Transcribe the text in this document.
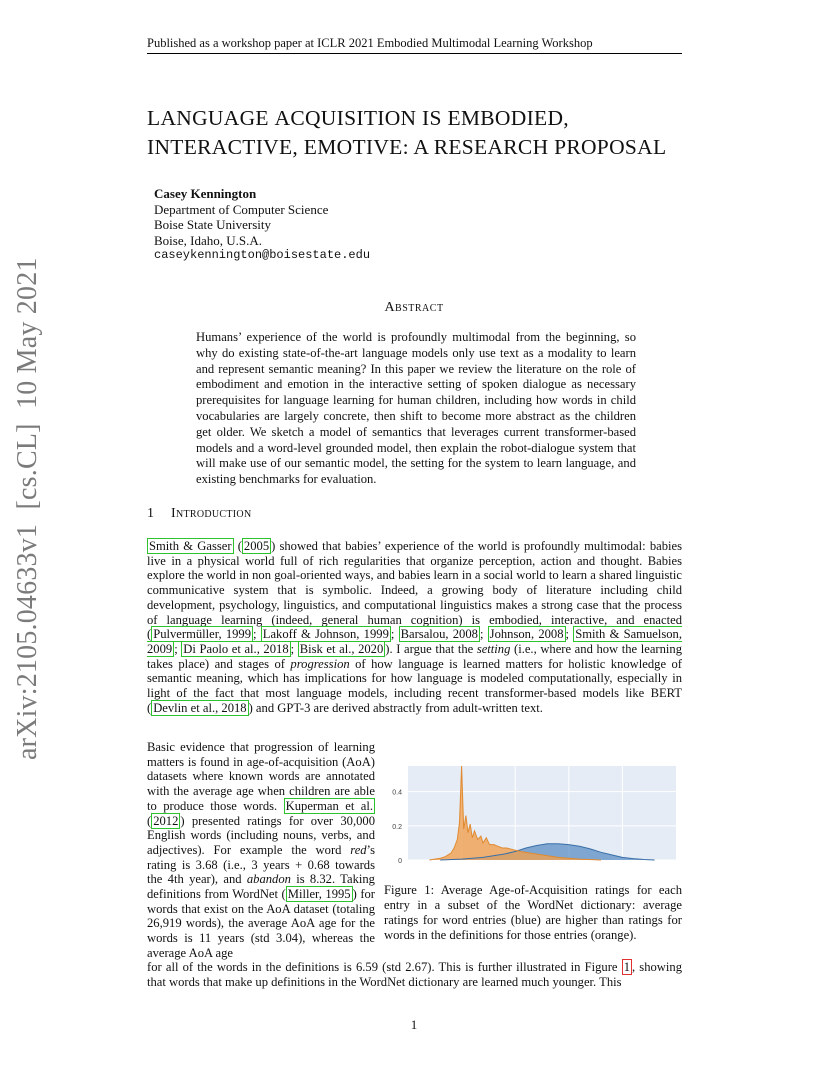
Published as a workshop paper at ICLR 2021 Embodied Multimodal Learning Workshop
LANGUAGE ACQUISITION IS EMBODIED,
INTERACTIVE, EMOTIVE: A RESEARCH PROPOSAL
Casey Kennington
Department of Computer Science
Boise State University
Boise, Idaho, U.S.A.
caseykennington@boisestate.edu
arXiv:2105.04633v1  [cs.CL]  10 May 2021	Abstract
Humans’ experience of the world is profoundly multimodal from the beginning, so why do existing state-of-the-art language models only use text as a modality to learn and represent semantic meaning? In this paper we review the literature on the role of embodiment and emotion in the interactive setting of spoken dialogue as necessary prerequisites for language learning for human children, including how words in child vocabularies are largely concrete, then shift to become more abstract as the children get older. We sketch a model of semantics that leverages current transformer-based models and a word-level grounded model, then explain the robot-dialogue system that will make use of our semantic model, the setting for the system to learn language, and existing benchmarks for evaluation.
1 Introduction
Smith & Gasser ( 2005 ) showed that babies’ experience of the world is profoundly multimodal: babies live in a physical world full of rich regularities that organize perception, action and thought. Babies explore the world in non goal-oriented ways, and babies learn in a social world to learn a shared linguistic communicative system that is symbolic. Indeed, a growing body of literature including child development, psychology, linguistics, and computational linguistics makes a strong case that the process of language learning (indeed, general human cognition) is embodied, interactive, and enacted ( Pulvermüller, 1999 ; Lakoff & Johnson, 1999 ; Barsalou, 2008 ; Johnson, 2008 ; Smith & Samuelson, 2009 ; Di Paolo et al., 2018 ; Bisk et al., 2020 ). I argue that the setting (i.e., where and how the learning takes place) and stages of progression of how language is learned matters for holistic knowledge of semantic meaning, which has implications for how language is modeled computationally, especially in light of the fact that most language models, including recent transformer-based models like BERT ( Devlin et al., 2018 ) and GPT-3 are derived abstractly from adult-written text.
Basic evidence that progression of learning matters is found in age-of-acquisition (AoA) datasets where known words are annotated with the average age when children are able to produce those words. Kuperman et al. ( 2012 ) presented ratings for over 30,000 English words (including nouns, verbs, and adjectives). For example the word red’s rating is 3.68 (i.e., 3 years + 0.68 towards the 4th year), and abandon is 8.32. Taking definitions from WordNet ( Miller, 1995 ) for words that exist on the AoA dataset (totaling 26,919 words), the average AoA age for the words is 11 years (std 3.04), whereas the average AoA age
0
0.2
0.4
Figure 1: Average Age-of-Acquisition ratings for each entry in a subset of the WordNet dictionary: average ratings for word entries (blue) are higher than ratings for words in the definitions for those entries (orange).
for all of the words in the definitions is 6.59 (std 2.67). This is further illustrated in Figure 1 , showing that words that make up definitions in the WordNet dictionary are learned much younger. This
1
